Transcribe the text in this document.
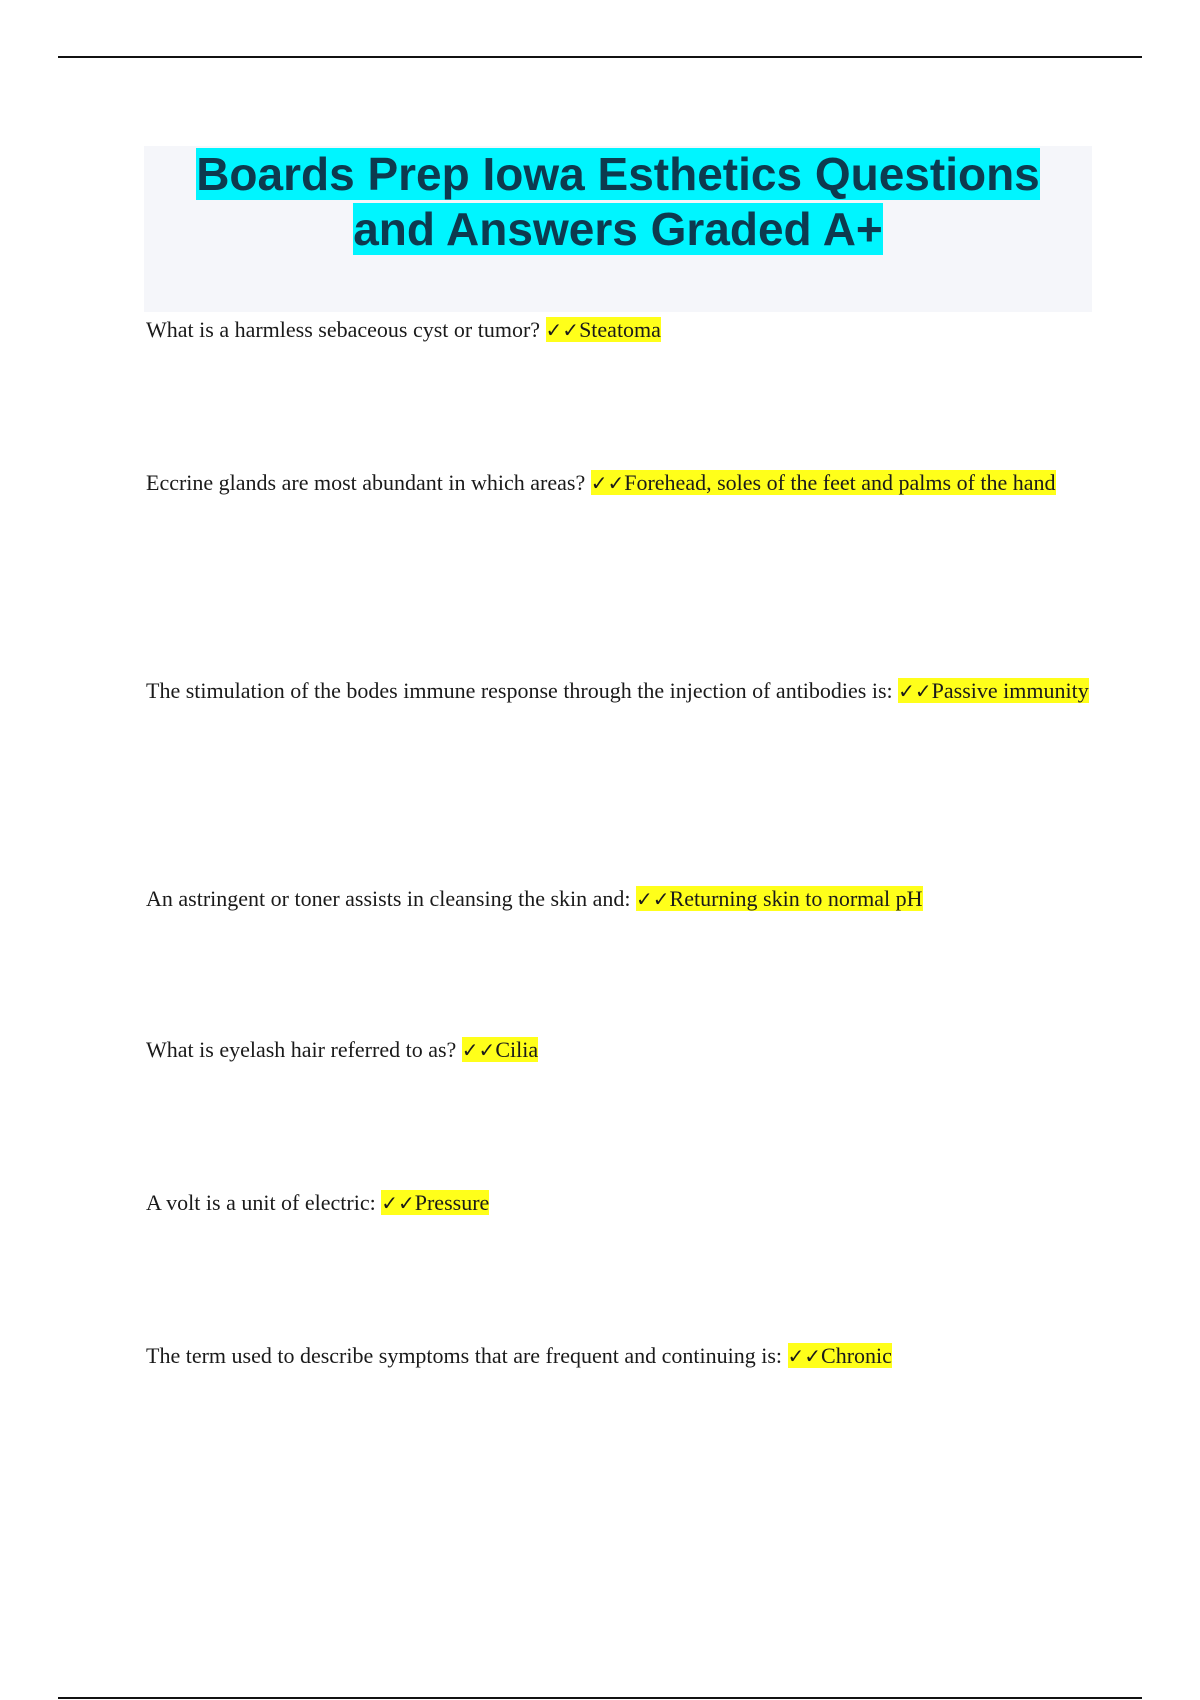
Boards Prep Iowa Esthetics Questions and Answers Graded A+
What is a harmless sebaceous cyst or tumor? ✓✓Steatoma
Eccrine glands are most abundant in which areas? ✓✓Forehead, soles of the feet and palms of the hand
The stimulation of the bodes immune response through the injection of antibodies is: ✓✓Passive immunity
An astringent or toner assists in cleansing the skin and: ✓✓Returning skin to normal pH
What is eyelash hair referred to as? ✓✓Cilia
A volt is a unit of electric: ✓✓Pressure
The term used to describe symptoms that are frequent and continuing is: ✓✓Chronic
